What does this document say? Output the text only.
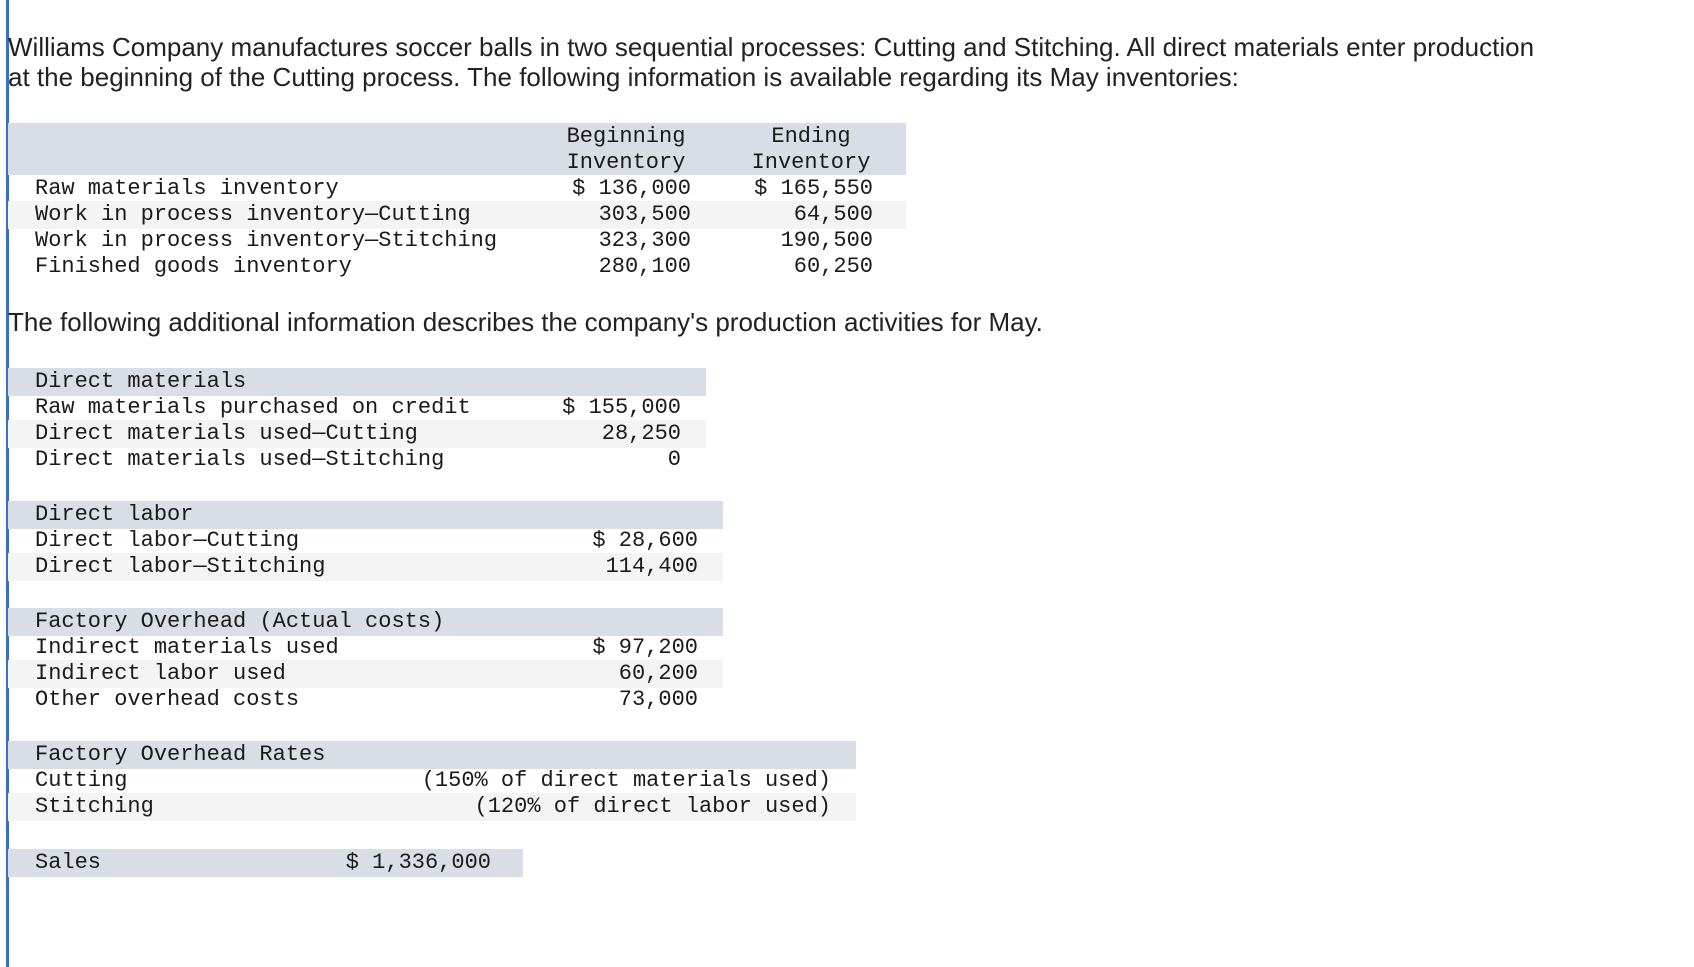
Williams Company manufactures soccer balls in two sequential processes: Cutting and Stitching. All direct materials enter production
at the beginning of the Cutting process. The following information is available regarding its May inventories:
Beginning
Inventory
Ending
Inventory
Raw materials inventory	$ 136,000	$ 165,550
Work in process inventory—Cutting	303,500	64,500
Work in process inventory—Stitching	323,300	190,500
Finished goods inventory	280,100	60,250
The following additional information describes the company's production activities for May.
Direct materials
Raw materials purchased on credit	$ 155,000
Direct materials used—Cutting	28,250
Direct materials used—Stitching	0
Direct labor
Direct labor—Cutting	$ 28,600
Direct labor—Stitching	114,400
Factory Overhead (Actual costs)
Indirect materials used	$ 97,200
Indirect labor used	60,200
Other overhead costs	73,000
Factory Overhead Rates
Cutting	(150% of direct materials used)
Stitching	(120% of direct labor used)
Sales	$ 1,336,000
